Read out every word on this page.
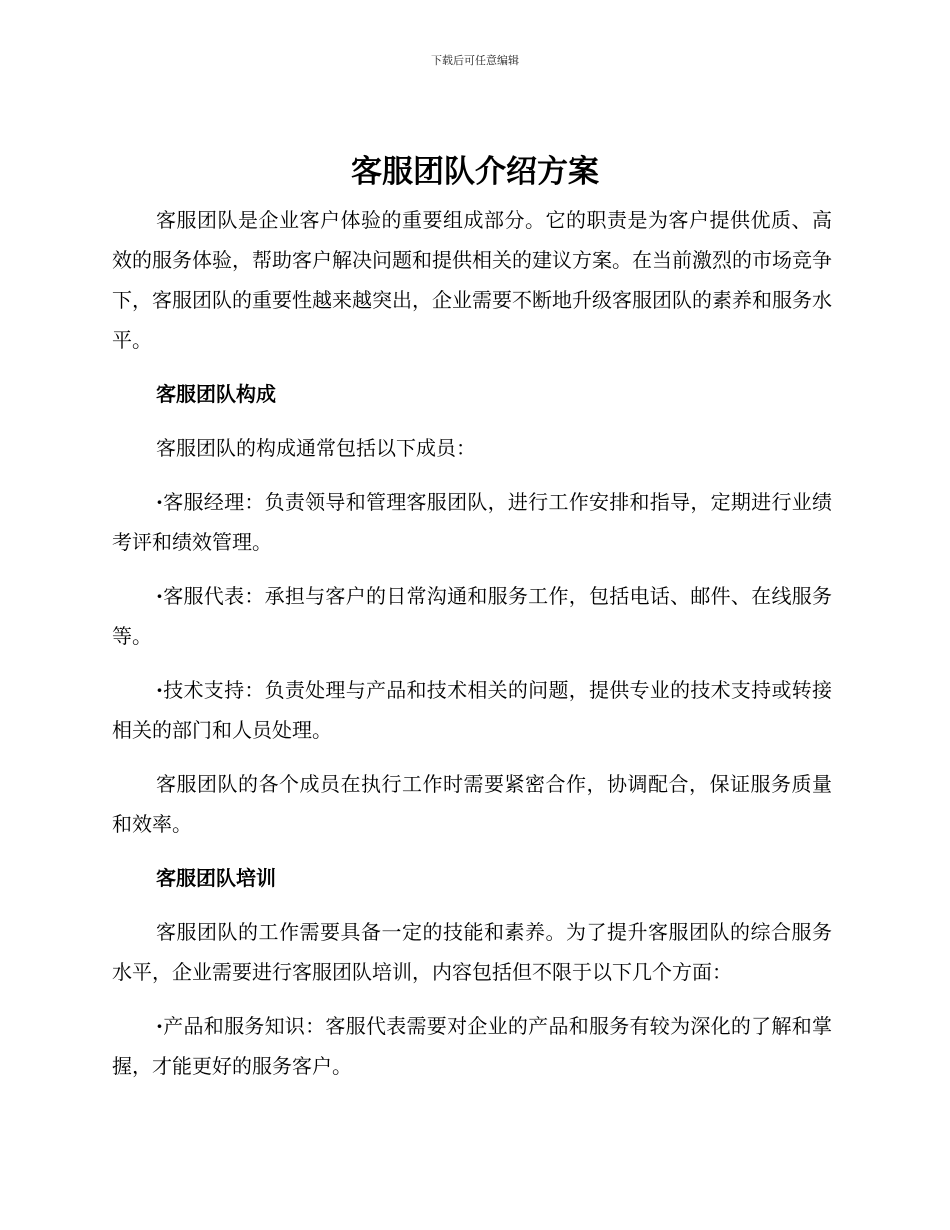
下载后可任意编辑
客服团队介绍方案

客服团队是企业客户体验的重要组成部分。它的职责是为客户提供优质、高效的服务体验，帮助客户解决问题和提供相关的建议方案。在当前激烈的市场竞争下，客服团队的重要性越来越突出，企业需要不断地升级客服团队的素养和服务水平。

客服团队构成

客服团队的构成通常包括以下成员：

·客服经理：负责领导和管理客服团队，进行工作安排和指导，定期进行业绩考评和绩效管理。

·客服代表：承担与客户的日常沟通和服务工作，包括电话、邮件、在线服务等。

·技术支持：负责处理与产品和技术相关的问题，提供专业的技术支持或转接相关的部门和人员处理。

客服团队的各个成员在执行工作时需要紧密合作，协调配合，保证服务质量和效率。

客服团队培训

客服团队的工作需要具备一定的技能和素养。为了提升客服团队的综合服务水平，企业需要进行客服团队培训，内容包括但不限于以下几个方面：

·产品和服务知识：客服代表需要对企业的产品和服务有较为深化的了解和掌握，才能更好的服务客户。
